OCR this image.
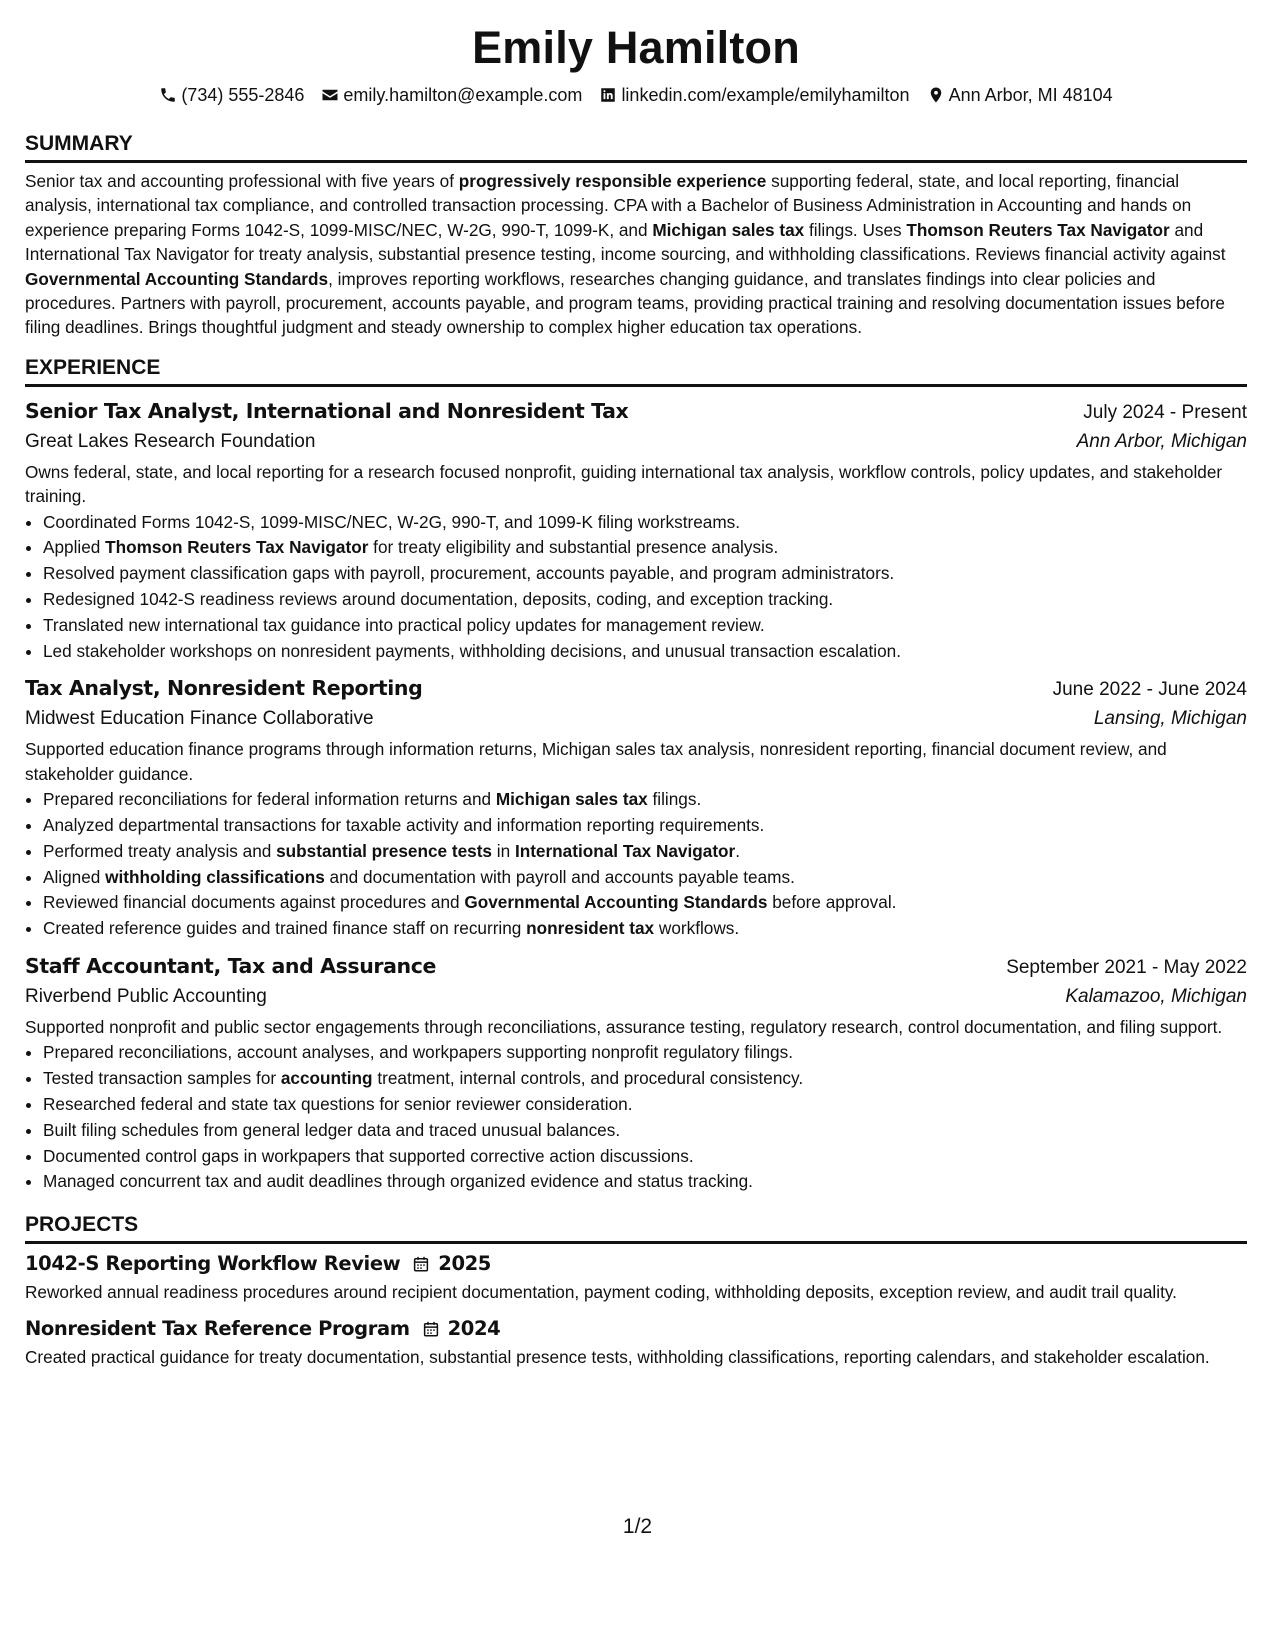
Emily Hamilton
(734) 555-2846 emily.hamilton@example.com linkedin.com/example/emilyhamilton Ann Arbor, MI 48104
SUMMARY

Senior tax and accounting professional with five years of progressively responsible experience supporting federal, state, and local reporting, financial analysis, international tax compliance, and controlled transaction processing. CPA with a Bachelor of Business Administration in Accounting and hands on experience preparing Forms 1042-S, 1099-MISC/NEC, W-2G, 990-T, 1099-K, and Michigan sales tax filings. Uses Thomson Reuters Tax Navigator and International Tax Navigator for treaty analysis, substantial presence testing, income sourcing, and withholding classifications. Reviews financial activity against Governmental Accounting Standards, improves reporting workflows, researches changing guidance, and translates findings into clear policies and procedures. Partners with payroll, procurement, accounts payable, and program teams, providing practical training and resolving documentation issues before filing deadlines. Brings thoughtful judgment and steady ownership to complex higher education tax operations.

EXPERIENCE
Senior Tax Analyst, International and Nonresident Tax	July 2024 - Present
Great Lakes Research Foundation	Ann Arbor, Michigan

Owns federal, state, and local reporting for a research focused nonprofit, guiding international tax analysis, workflow controls, policy updates, and stakeholder training.

• Coordinated Forms 1042-S, 1099-MISC/NEC, W-2G, 990-T, and 1099-K filing workstreams.
• Applied Thomson Reuters Tax Navigator for treaty eligibility and substantial presence analysis.
• Resolved payment classification gaps with payroll, procurement, accounts payable, and program administrators.
• Redesigned 1042-S readiness reviews around documentation, deposits, coding, and exception tracking.
• Translated new international tax guidance into practical policy updates for management review.
• Led stakeholder workshops on nonresident payments, withholding decisions, and unusual transaction escalation.
Tax Analyst, Nonresident Reporting	June 2022 - June 2024
Midwest Education Finance Collaborative	Lansing, Michigan

Supported education finance programs through information returns, Michigan sales tax analysis, nonresident reporting, financial document review, and stakeholder guidance.

• Prepared reconciliations for federal information returns and Michigan sales tax filings.
• Analyzed departmental transactions for taxable activity and information reporting requirements.
• Performed treaty analysis and substantial presence tests in International Tax Navigator.
• Aligned withholding classifications and documentation with payroll and accounts payable teams.
• Reviewed financial documents against procedures and Governmental Accounting Standards before approval.
• Created reference guides and trained finance staff on recurring nonresident tax workflows.
Staff Accountant, Tax and Assurance	September 2021 - May 2022
Riverbend Public Accounting	Kalamazoo, Michigan

Supported nonprofit and public sector engagements through reconciliations, assurance testing, regulatory research, control documentation, and filing support.

• Prepared reconciliations, account analyses, and workpapers supporting nonprofit regulatory filings.
• Tested transaction samples for accounting treatment, internal controls, and procedural consistency.
• Researched federal and state tax questions for senior reviewer consideration.
• Built filing schedules from general ledger data and traced unusual balances.
• Documented control gaps in workpapers that supported corrective action discussions.
• Managed concurrent tax and audit deadlines through organized evidence and status tracking.
PROJECTS
1042-S Reporting Workflow Review 2025

Reworked annual readiness procedures around recipient documentation, payment coding, withholding deposits, exception review, and audit trail quality.

Nonresident Tax Reference Program 2024

Created practical guidance for treaty documentation, substantial presence tests, withholding classifications, reporting calendars, and stakeholder escalation.

1/2
